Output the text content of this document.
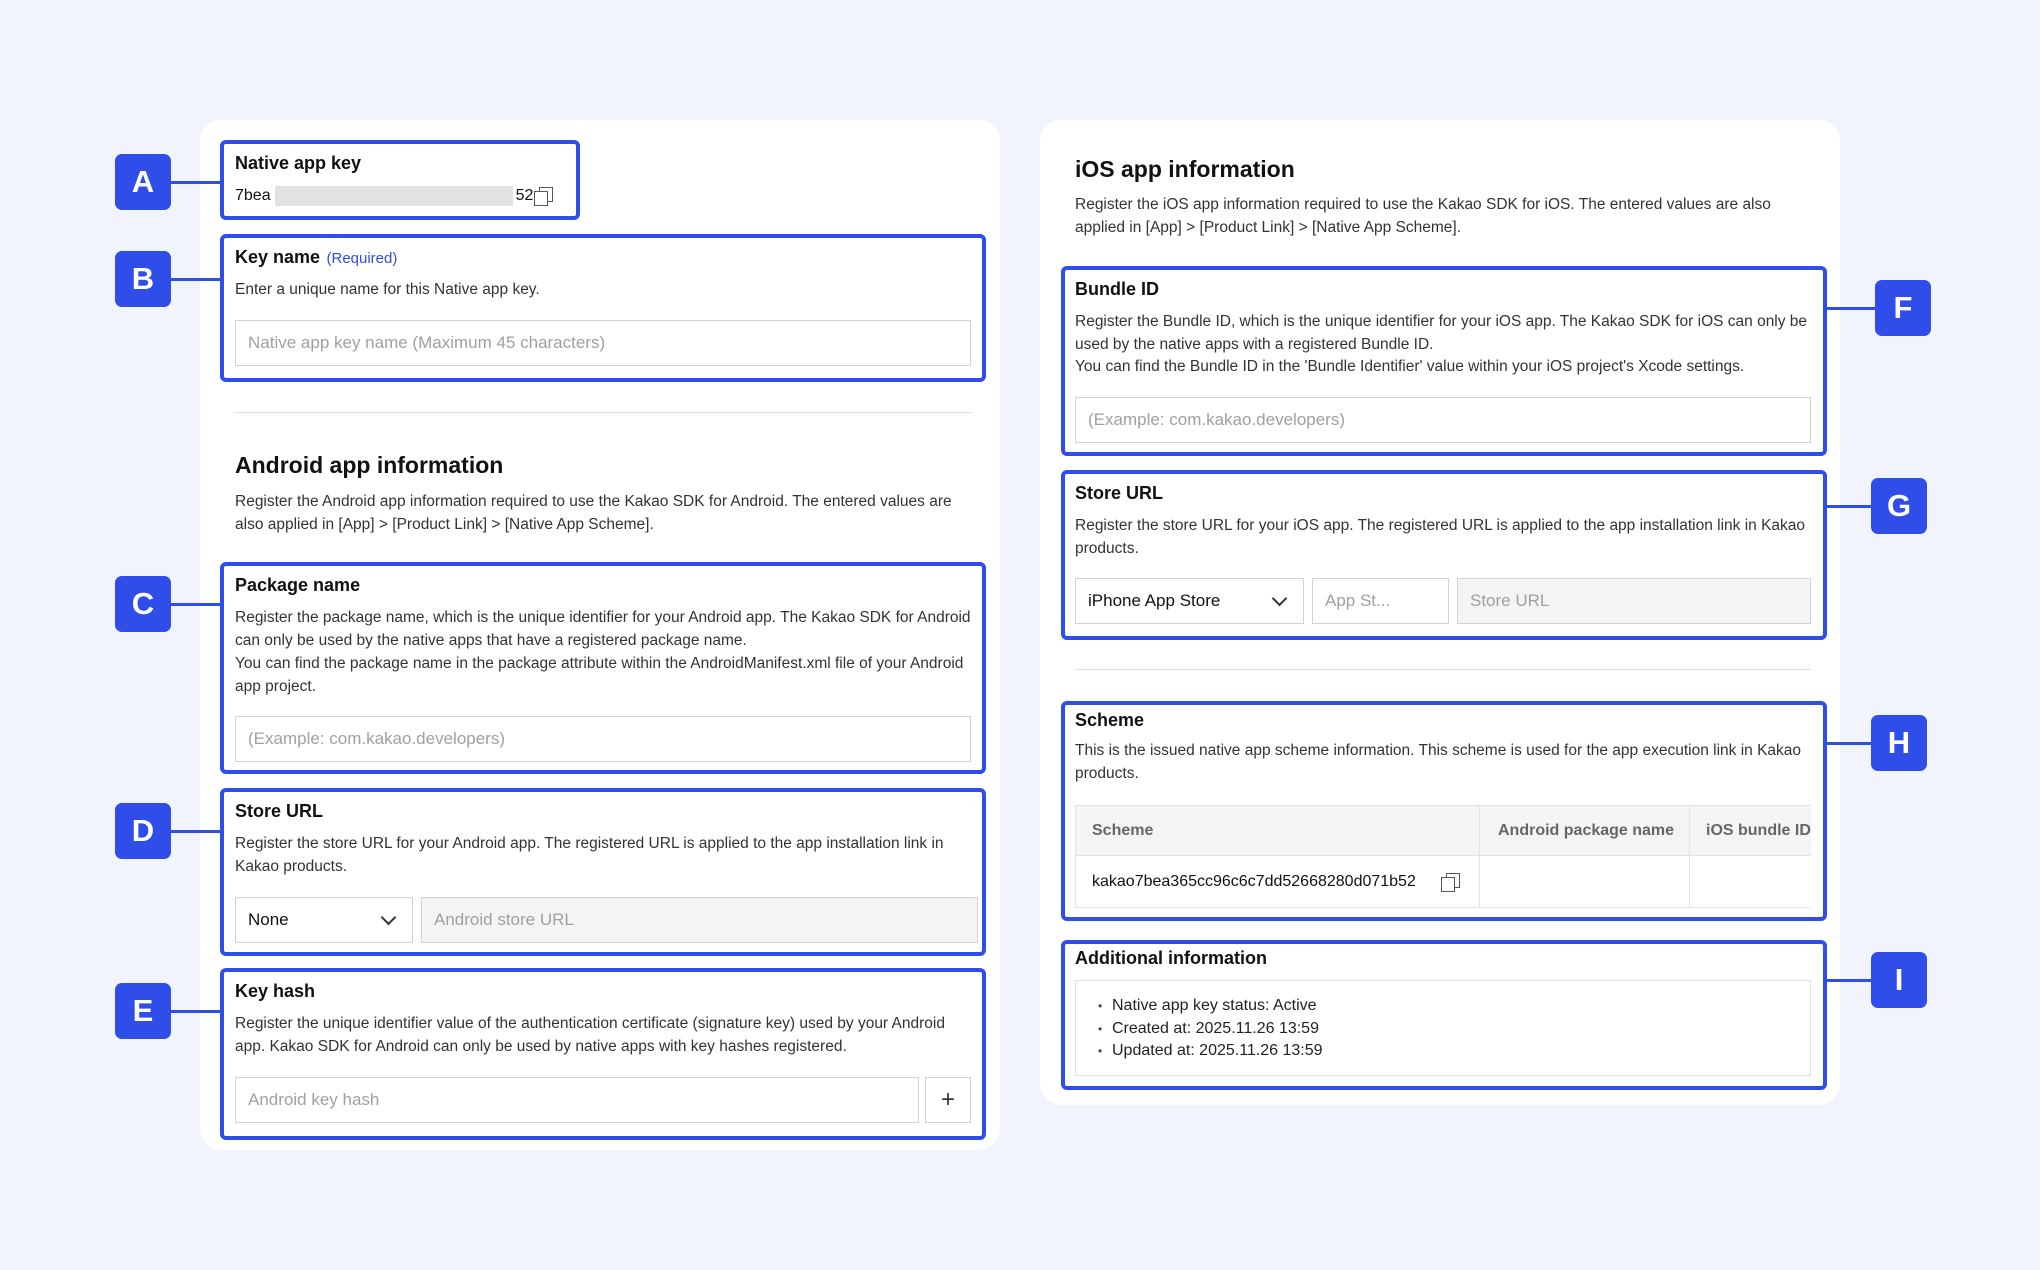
Native app key
7bea	52
Key name (Required)
Enter a unique name for this Native app key.
Native app key name (Maximum 45 characters)
Android app information
Register the Android app information required to use the Kakao SDK for Android. The entered values are also applied in [App] > [Product Link] > [Native App Scheme].
Package name
Register the package name, which is the unique identifier for your Android app. The Kakao SDK for Android can only be used by the native apps that have a registered package name.
You can find the package name in the package attribute within the AndroidManifest.xml file of your Android app project.
(Example: com.kakao.developers)
Store URL
Register the store URL for your Android app. The registered URL is applied to the app installation link in Kakao products.
None	Android store URL
Key hash
Register the unique identifier value of the authentication certificate (signature key) used by your Android app. Kakao SDK for Android can only be used by native apps with key hashes registered.
Android key hash	+
iOS app information
Register the iOS app information required to use the Kakao SDK for iOS. The entered values are also applied in [App] > [Product Link] > [Native App Scheme].
Bundle ID
Register the Bundle ID, which is the unique identifier for your iOS app. The Kakao SDK for iOS can only be used by the native apps with a registered Bundle ID.
You can find the Bundle ID in the 'Bundle Identifier' value within your iOS project's Xcode settings.
(Example: com.kakao.developers)
Store URL
Register the store URL for your iOS app. The registered URL is applied to the app installation link in Kakao products.
iPhone App Store	App St...	Store URL
Scheme
This is the issued native app scheme information. This scheme is used for the app execution link in Kakao products.
Scheme	Android package name	iOS bundle ID
kakao7bea365cc96c6c7dd52668280d071b52

Additional information
• Native app key status: Active
• Created at: 2025.11.26 13:59
• Updated at: 2025.11.26 13:59
A
B
C
D
E
F
G
H
I
